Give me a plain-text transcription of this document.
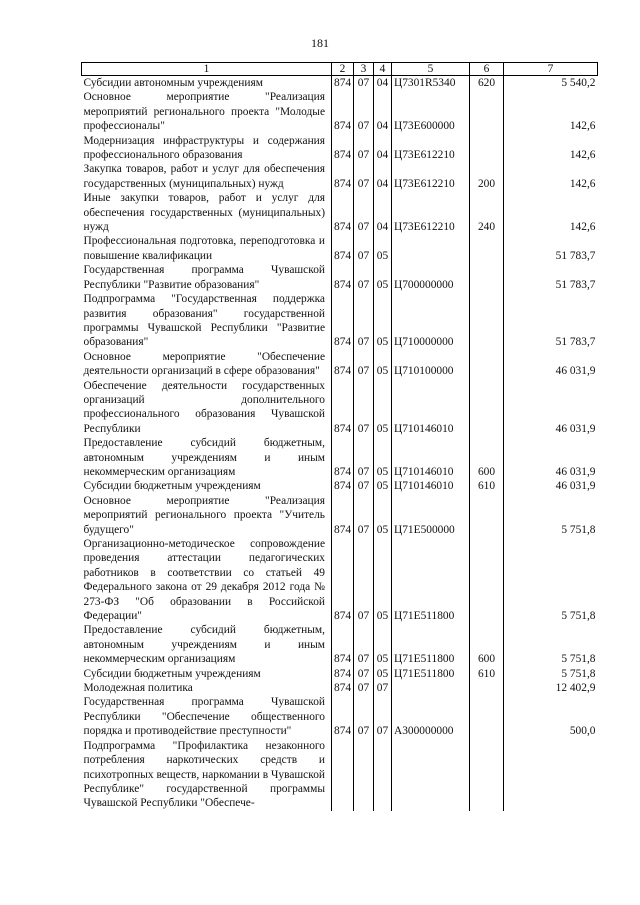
181
1	2	3	4	5	6	7

Субсидии автономным учреждениям	874	07	04	Ц7301R5340	620	5 540,2

Основное мероприятие "Реализация мероприятий регионального проекта "Молодые профессионалы"	874	07	04	Ц73Е600000		142,6

Модернизация инфраструктуры и содержания профессионального образования	874	07	04	Ц73Е612210		142,6

Закупка товаров, работ и услуг для обеспечения государственных (муниципальных) нужд	874	07	04	Ц73Е612210	200	142,6

Иные закупки товаров, работ и услуг для обеспечения государственных (муниципальных) нужд	874	07	04	Ц73Е612210	240	142,6

Профессиональная подготовка, переподготовка и повышение квалификации	874	07	05			51 783,7

Государственная программа Чувашской Республики "Развитие образования"	874	07	05	Ц700000000		51 783,7

Подпрограмма "Государственная поддержка развития образования" государственной программы Чувашской Республики "Развитие образования"	874	07	05	Ц710000000		51 783,7

Основное мероприятие "Обеспечение деятельности организаций в сфере образования"	874	07	05	Ц710100000		46 031,9

Обеспечение деятельности государственных организаций дополнительного профессионального образования Чувашской Республики	874	07	05	Ц710146010		46 031,9

Предоставление субсидий бюджетным, автономным учреждениям и иным некоммерческим организациям	874	07	05	Ц710146010	600	46 031,9

Субсидии бюджетным учреждениям	874	07	05	Ц710146010	610	46 031,9

Основное мероприятие "Реализация мероприятий регионального проекта "Учитель будущего"	874	07	05	Ц71Е500000		5 751,8

Организационно-методическое сопровождение проведения аттестации педагогических работников в соответствии со статьей 49 Федерального закона от 29 декабря 2012 года № 273-ФЗ "Об образовании в Российской Федерации"	874	07	05	Ц71Е511800		5 751,8

Предоставление субсидий бюджетным, автономным учреждениям и иным некоммерческим организациям	874	07	05	Ц71Е511800	600	5 751,8

Субсидии бюджетным учреждениям	874	07	05	Ц71Е511800	610	5 751,8

Молодежная политика	874	07	07			12 402,9

Государственная программа Чувашской Республики "Обеспечение общественного порядка и противодействие преступности"	874	07	07	А300000000		500,0

Подпрограмма "Профилактика незаконного потребления наркотических средств и психотропных веществ, наркомании в Чувашской Республике" государственной программы Чувашской Республики "Обеспече-						
